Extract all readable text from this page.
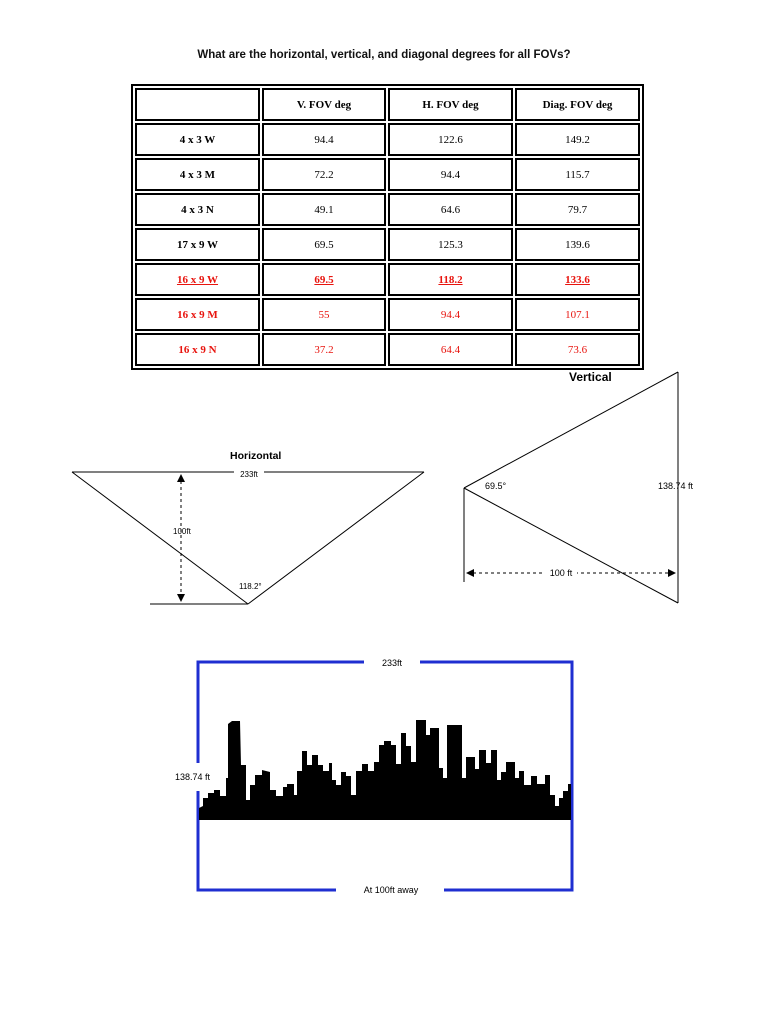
What are the horizontal, vertical, and diagonal degrees for all FOVs?
	V. FOV deg	H. FOV deg	Diag. FOV deg
4 x 3 W	94.4	122.6	149.2
4 x 3 M	72.2	94.4	115.7
4 x 3 N	49.1	64.6	79.7
17 x 9 W	69.5	125.3	139.6
16 x 9 W	69.5	118.2	133.6
16 x 9 M	55	94.4	107.1
16 x 9 N	37.2	64.4	73.6
Horizontal
233ft
100ft
118.2°
Vertical
100 ft
69.5°	138.74 ft
233ft
138.74 ft
At 100ft away
